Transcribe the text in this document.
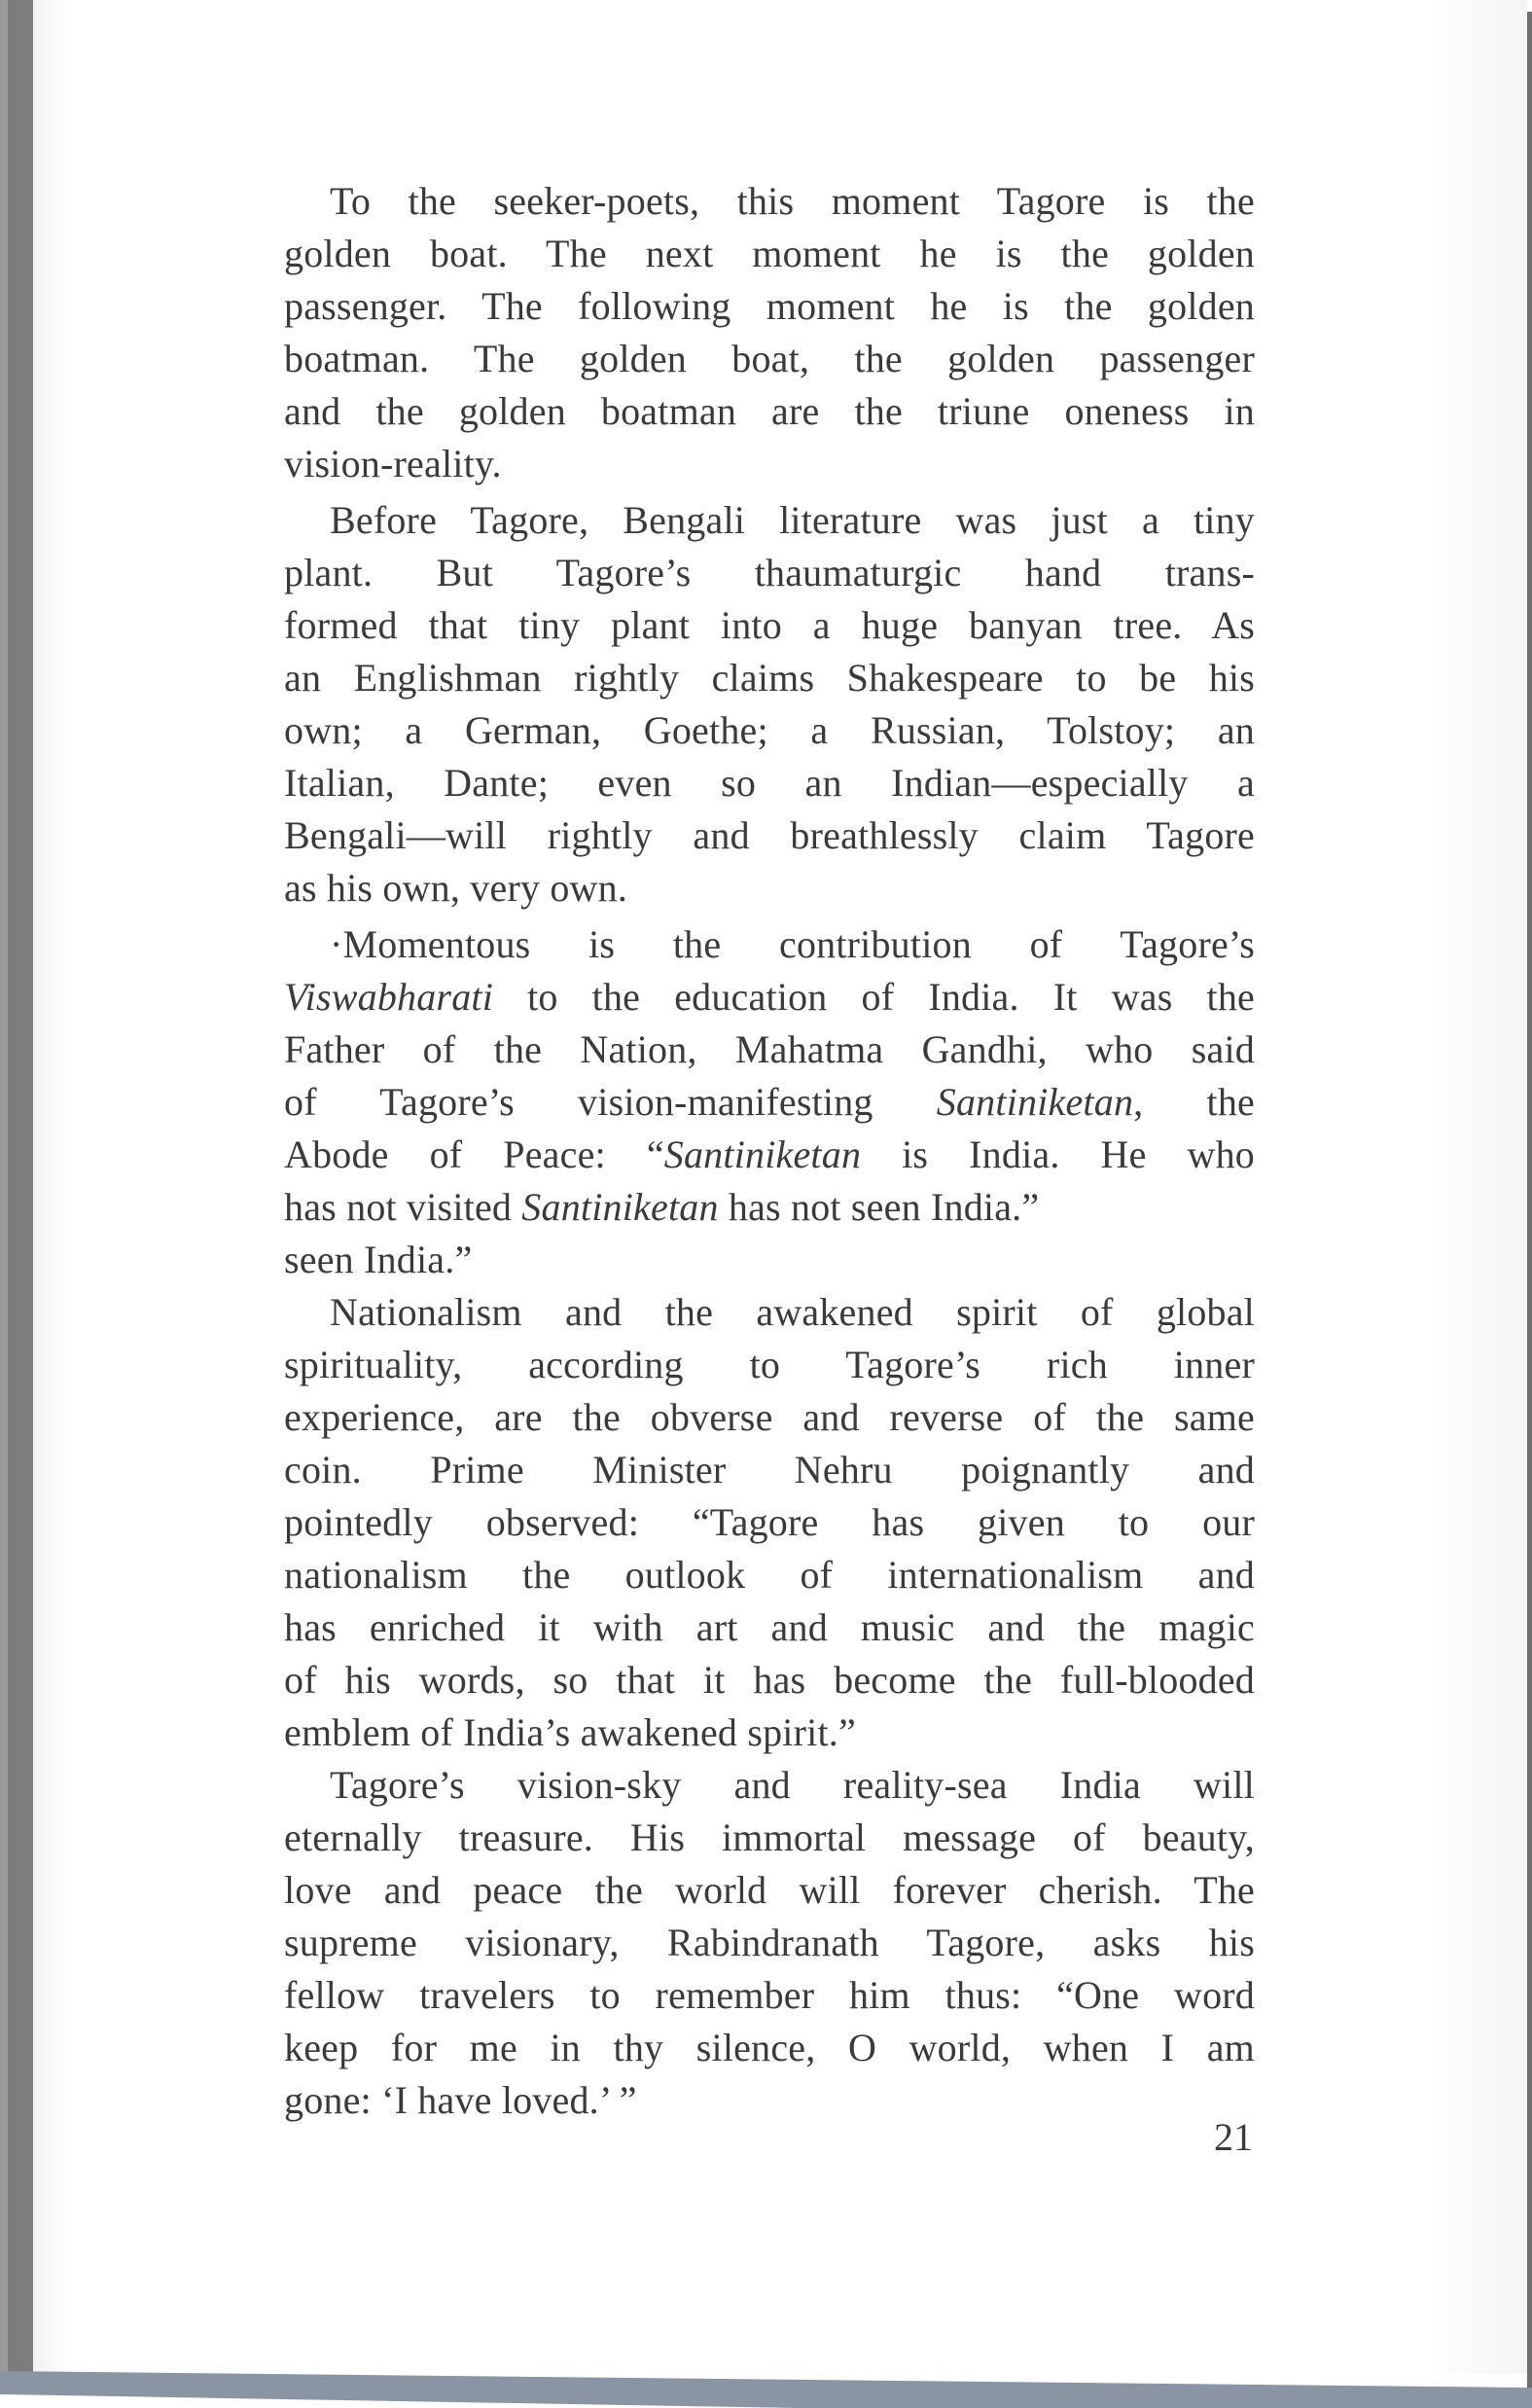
To the seeker-poets, this moment Tagore is the
golden boat. The next moment he is the golden
passenger. The following moment he is the golden
boatman. The golden boat, the golden passenger
and the golden boatman are the triune oneness in
vision-reality.
Before Tagore, Bengali literature was just a tiny
plant. But Tagore’s thaumaturgic hand trans-
formed that tiny plant into a huge banyan tree. As
an Englishman rightly claims Shakespeare to be his
own; a German, Goethe; a Russian, Tolstoy; an
Italian, Dante; even so an Indian—especially a
Bengali—will rightly and breathlessly claim Tagore
as his own, very own.
·Momentous is the contribution of Tagore’s
Viswabharati to the education of India. It was the
Father of the Nation, Mahatma Gandhi, who said
of Tagore’s vision-manifesting Santiniketan, the
Abode of Peace: “Santiniketan is India. He who
has not visited Santiniketan has not seen India.”
seen India.”
Nationalism and the awakened spirit of global
spirituality, according to Tagore’s rich inner
experience, are the obverse and reverse of the same
coin. Prime Minister Nehru poignantly and
pointedly observed: “Tagore has given to our
nationalism the outlook of internationalism and
has enriched it with art and music and the magic
of his words, so that it has become the full-blooded
emblem of India’s awakened spirit.”
Tagore’s vision-sky and reality-sea India will
eternally treasure. His immortal message of beauty,
love and peace the world will forever cherish. The
supreme visionary, Rabindranath Tagore, asks his
fellow travelers to remember him thus: “One word
keep for me in thy silence, O world, when I am
gone: ‘I have loved.’ ”
21
